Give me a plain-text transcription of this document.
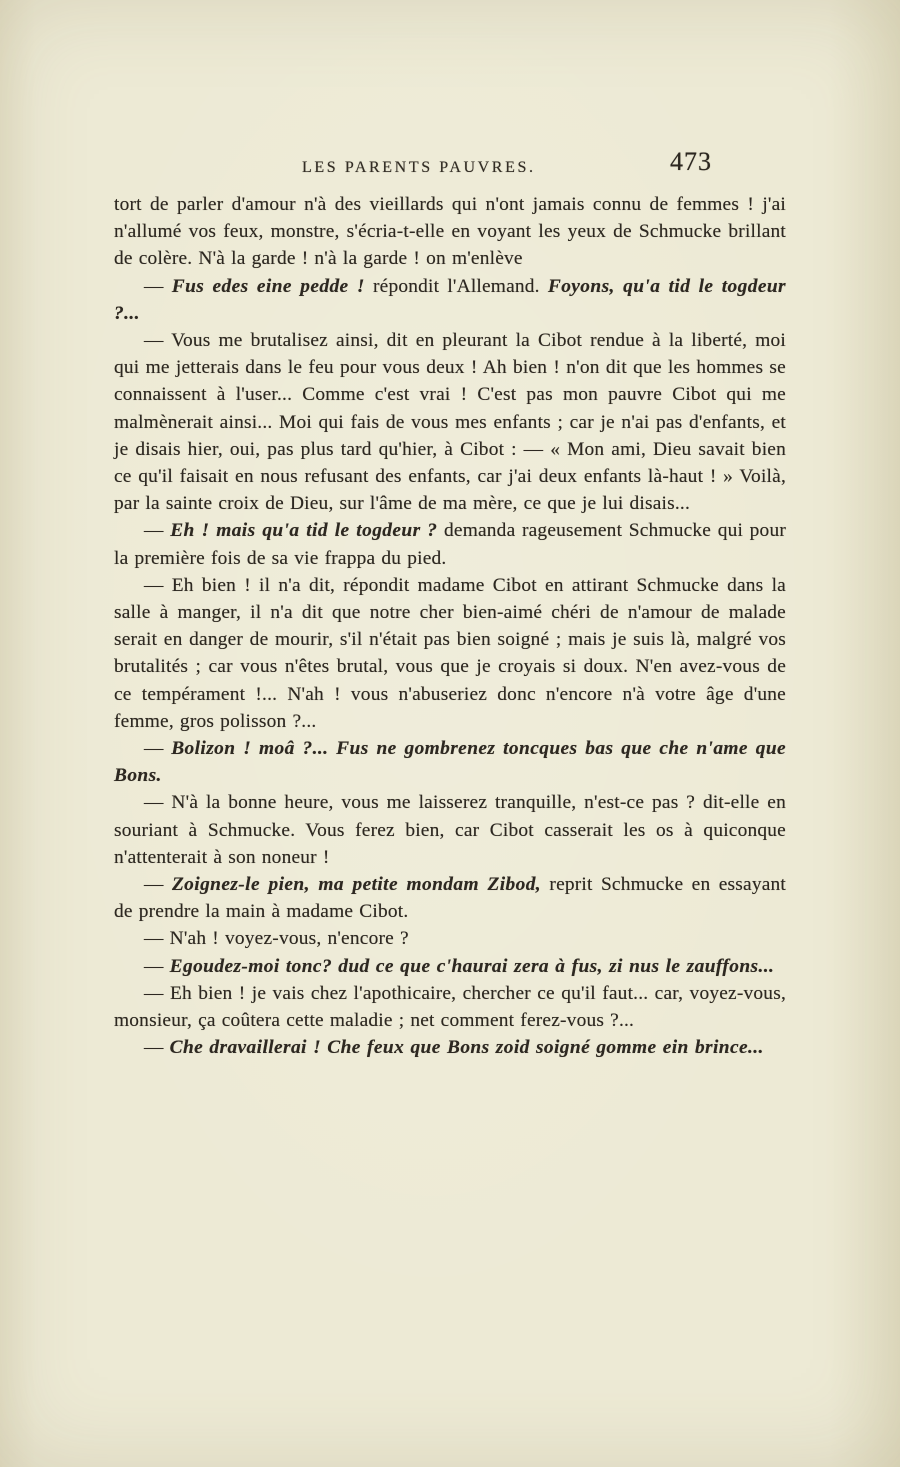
LES PARENTS PAUVRES.	473

tort de parler d'amour n'à des vieillards qui n'ont jamais connu de femmes ! j'ai n'allumé vos feux, monstre, s'écria-t-elle en voyant les yeux de Schmucke brillant de colère. N'à la garde ! n'à la garde ! on m'enlève

— Fus edes eine pedde ! répondit l'Allemand. Foyons, qu'a tid le togdeur ?...

— Vous me brutalisez ainsi, dit en pleurant la Cibot rendue à la liberté, moi qui me jetterais dans le feu pour vous deux ! Ah bien ! n'on dit que les hommes se connaissent à l'user... Comme c'est vrai ! C'est pas mon pauvre Cibot qui me malmènerait ainsi... Moi qui fais de vous mes enfants ; car je n'ai pas d'enfants, et je disais hier, oui, pas plus tard qu'hier, à Cibot : — « Mon ami, Dieu savait bien ce qu'il faisait en nous refusant des enfants, car j'ai deux enfants là-haut ! » Voilà, par la sainte croix de Dieu, sur l'âme de ma mère, ce que je lui disais...

— Eh ! mais qu'a tid le togdeur ? demanda rageusement Schmucke qui pour la première fois de sa vie frappa du pied.

— Eh bien ! il n'a dit, répondit madame Cibot en attirant Schmucke dans la salle à manger, il n'a dit que notre cher bien-aimé chéri de n'amour de malade serait en danger de mourir, s'il n'était pas bien soigné ; mais je suis là, malgré vos brutalités ; car vous n'êtes brutal, vous que je croyais si doux. N'en avez-vous de ce tempérament !... N'ah ! vous n'abuseriez donc n'encore n'à votre âge d'une femme, gros polisson ?...

— Bolizon ! moâ ?... Fus ne gombrenez toncques bas que che n'ame que Bons.

— N'à la bonne heure, vous me laisserez tranquille, n'est-ce pas ? dit-elle en souriant à Schmucke. Vous ferez bien, car Cibot casserait les os à quiconque n'attenterait à son noneur !

— Zoignez-le pien, ma petite mondam Zibod, reprit Schmucke en essayant de prendre la main à madame Cibot.

— N'ah ! voyez-vous, n'encore ?

— Egoudez-moi tonc? dud ce que c'haurai zera à fus, zi nus le zauffons...

— Eh bien ! je vais chez l'apothicaire, chercher ce qu'il faut... car, voyez-vous, monsieur, ça coûtera cette maladie ; net comment ferez-vous ?...

— Che dravaillerai ! Che feux que Bons zoid soigné gomme ein brince...
